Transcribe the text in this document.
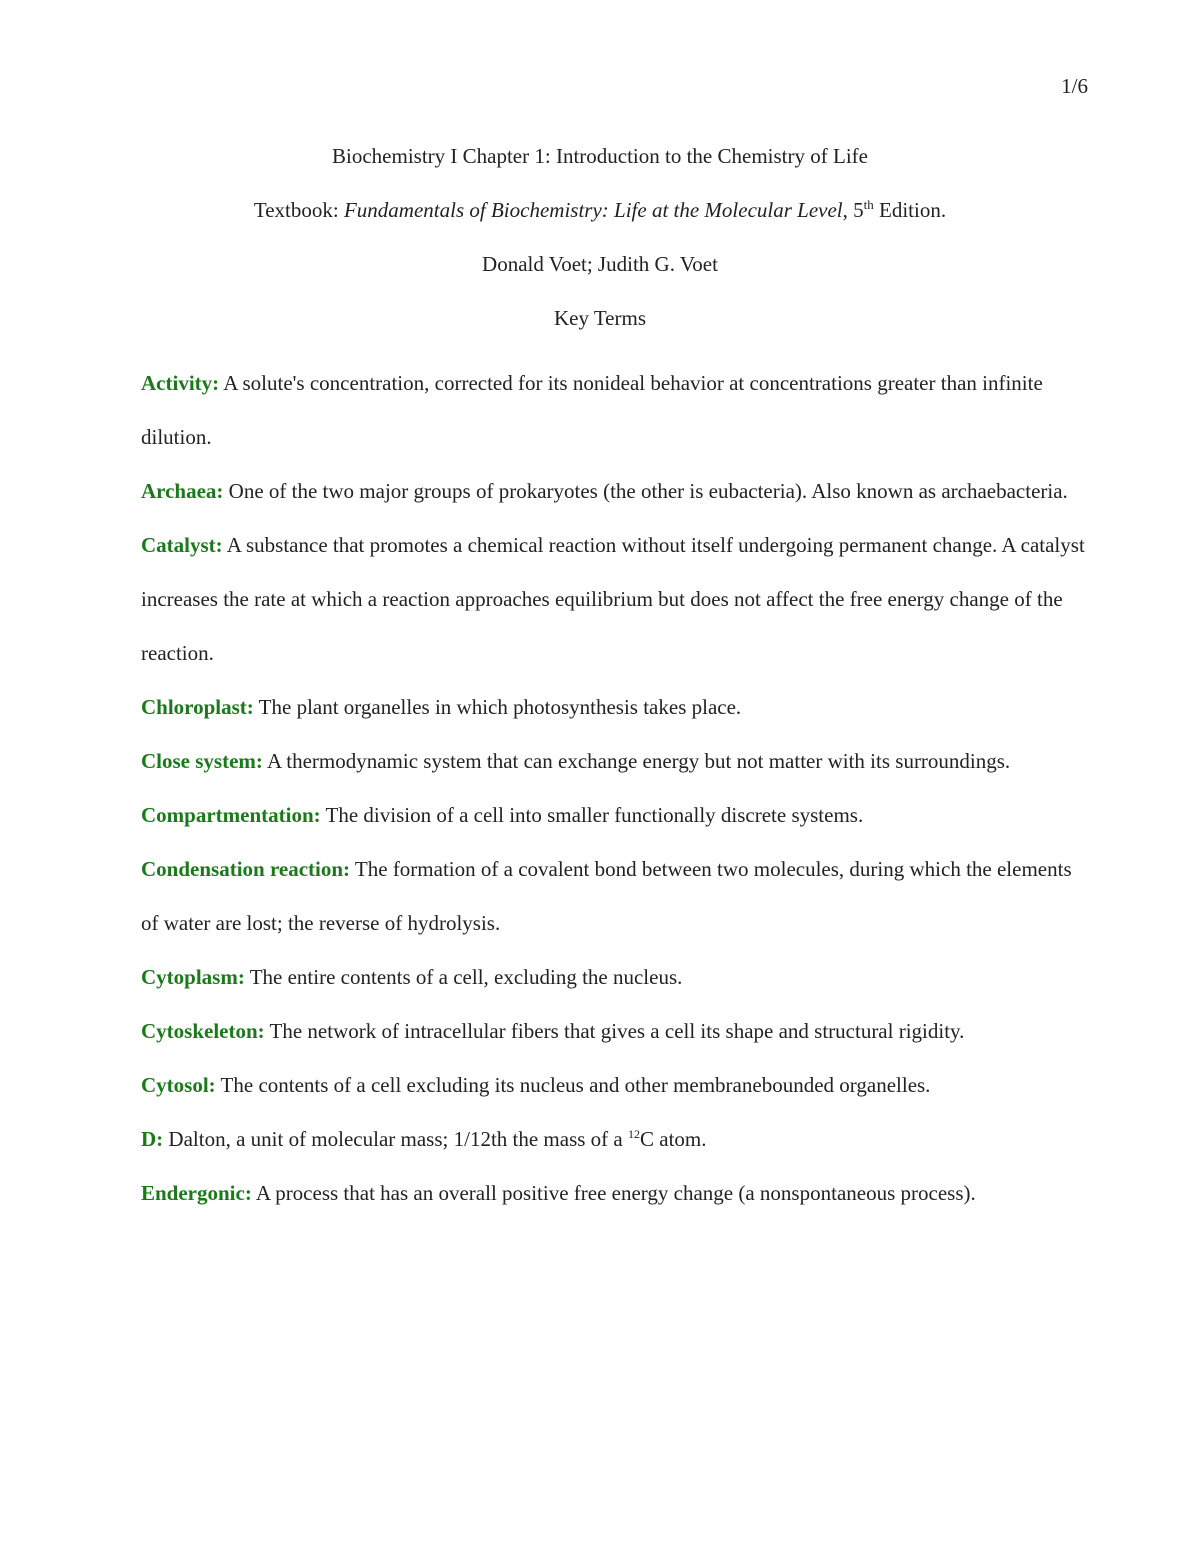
1/6
Biochemistry I Chapter 1: Introduction to the Chemistry of Life
Textbook: Fundamentals of Biochemistry: Life at the Molecular Level, 5th Edition.
Donald Voet; Judith G. Voet
Key Terms

Activity: A solute's concentration, corrected for its nonideal behavior at concentrations greater than infinite dilution.

Archaea: One of the two major groups of prokaryotes (the other is eubacteria). Also known as archaebacteria.

Catalyst: A substance that promotes a chemical reaction without itself undergoing permanent change. A catalyst increases the rate at which a reaction approaches equilibrium but does not affect the free energy change of the reaction.

Chloroplast: The plant organelles in which photosynthesis takes place.

Close system: A thermodynamic system that can exchange energy but not matter with its surroundings.

Compartmentation: The division of a cell into smaller functionally discrete systems.

Condensation reaction: The formation of a covalent bond between two molecules, during which the elements of water are lost; the reverse of hydrolysis.

Cytoplasm: The entire contents of a cell, excluding the nucleus.

Cytoskeleton: The network of intracellular fibers that gives a cell its shape and structural rigidity.

Cytosol: The contents of a cell excluding its nucleus and other membranebounded organelles.

D: Dalton, a unit of molecular mass; 1/12th the mass of a $^{12}$C atom.

Endergonic: A process that has an overall positive free energy change (a nonspontaneous process).
